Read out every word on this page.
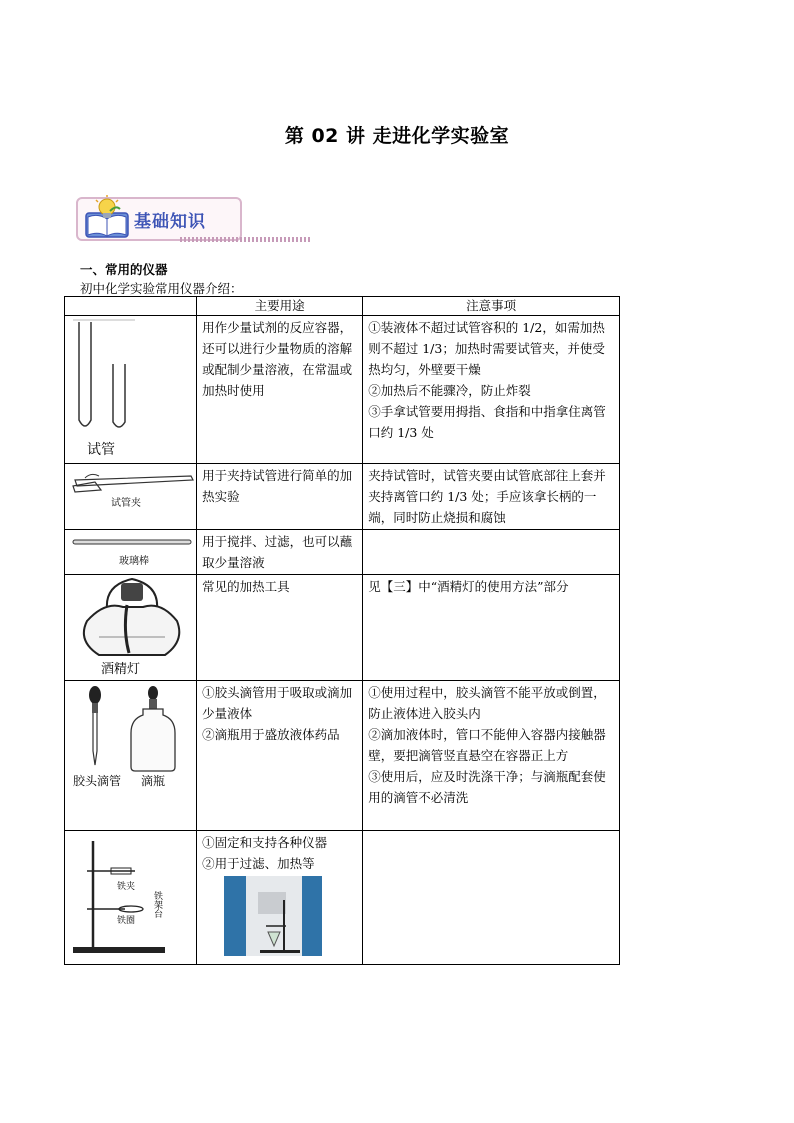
第 02 讲 走进化学实验室
基础知识
一、常用的仪器
初中化学实验常用仪器介绍：
	主要用途	注意事项

试管	用作少量试剂的反应容器，还可以进行少量物质的溶解或配制少量溶液，在常温或加热时使用	①装液体不超过试管容积的 1/2，如需加热则不超过 1/3；加热时需要试管夹，并使受热均匀，外壁要干燥
②加热后不能骤冷，防止炸裂
③手拿试管要用拇指、食指和中指拿住离管口约 1/3 处

试管夹	用于夹持试管进行简单的加热实验	夹持试管时，试管夹要由试管底部往上套并夹持离管口约 1/3 处；手应该拿长柄的一端，同时防止烧损和腐蚀

玻璃棒	用于搅拌、过滤，也可以蘸取少量溶液	

酒精灯	常见的加热工具	见【三】中“酒精灯的使用方法”部分

胶头滴管 滴瓶	①胶头滴管用于吸取或滴加少量液体
②滴瓶用于盛放液体药品	①使用过程中，胶头滴管不能平放或倒置，防止液体进入胶头内
②滴加液体时，管口不能伸入容器内接触器壁，要把滴管竖直悬空在容器正上方
③使用后，应及时洗涤干净；与滴瓶配套使用的滴管不必清洗

铁夹
铁架台
铁圈	①固定和支持各种仪器
②用于过滤、加热等	
